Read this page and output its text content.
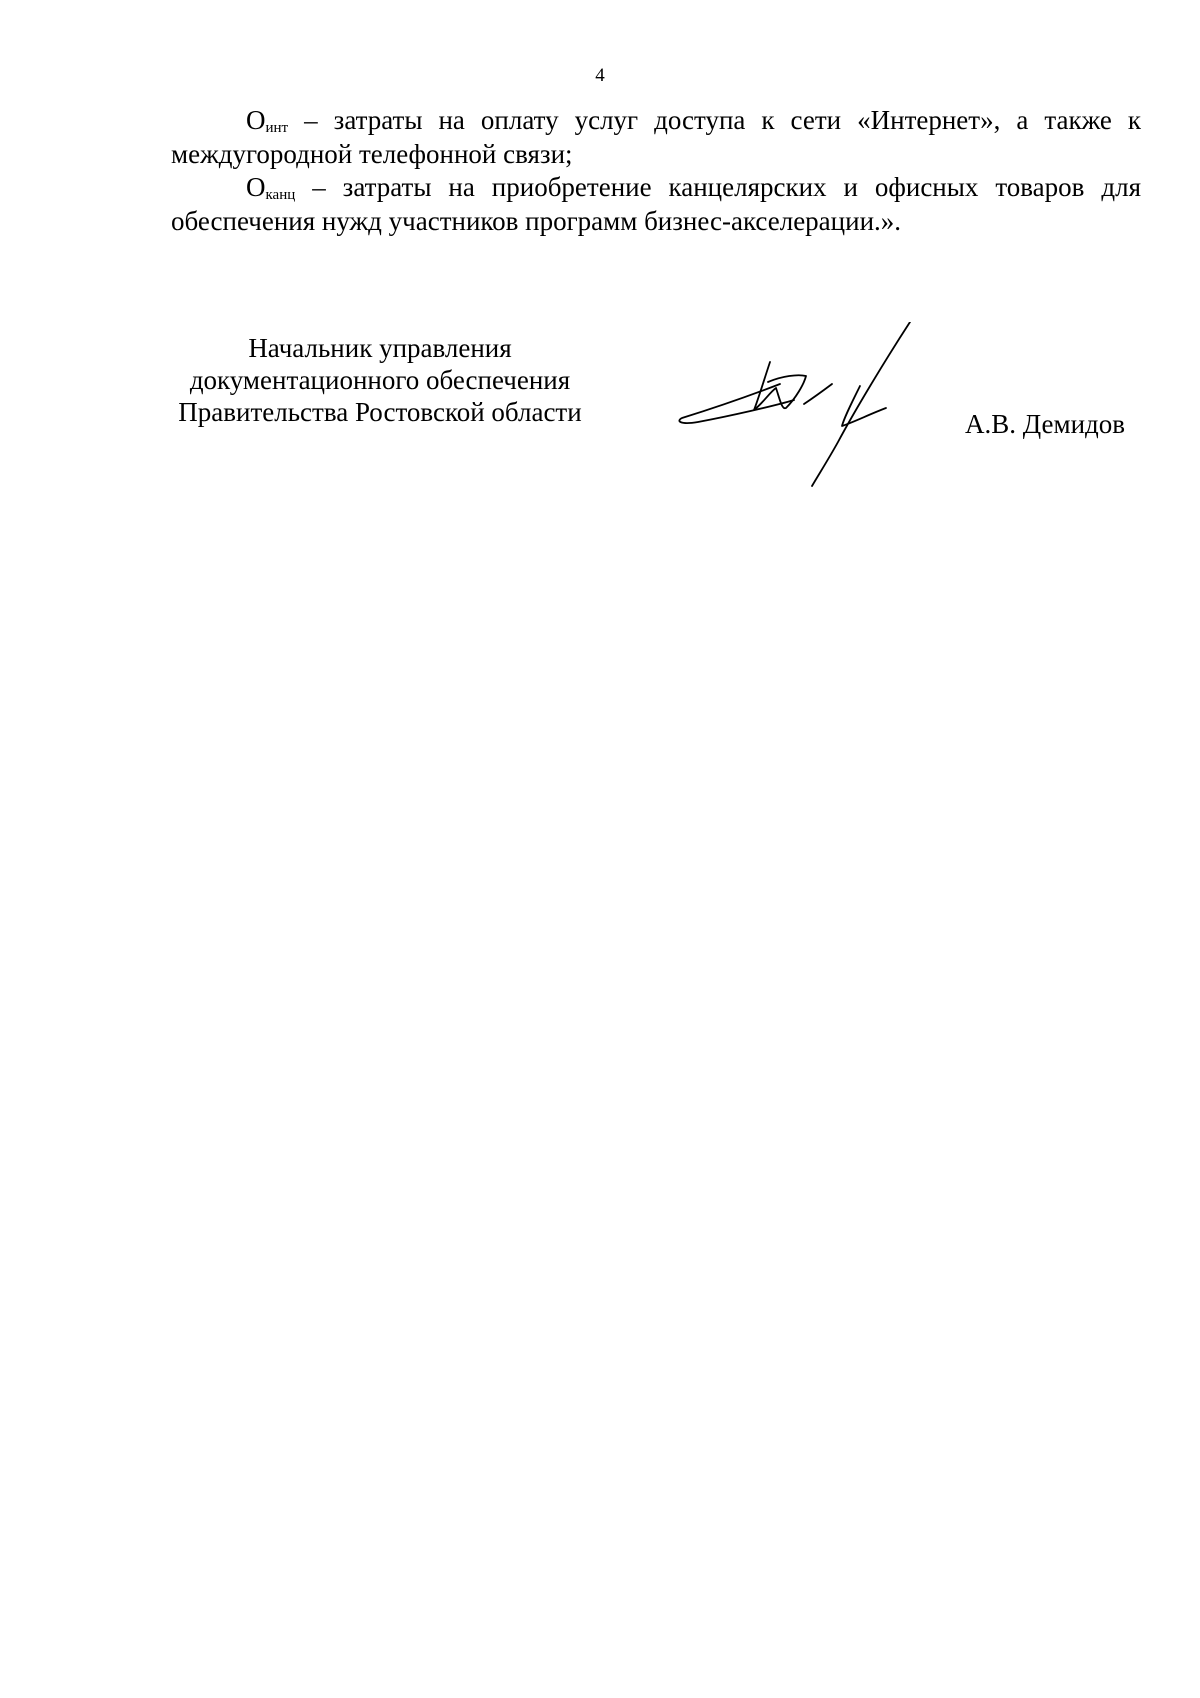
4

$О_{инт}$ – затраты на оплату услуг доступа к сети «Интернет», а также к междугородной телефонной связи;

$О_{канц}$ – затраты на приобретение канцелярских и офисных товаров для обеспечения нужд участников программ бизнес-акселерации.».

Начальник управления
документационного обеспечения
Правительства Ростовской области	А.В. Демидов
